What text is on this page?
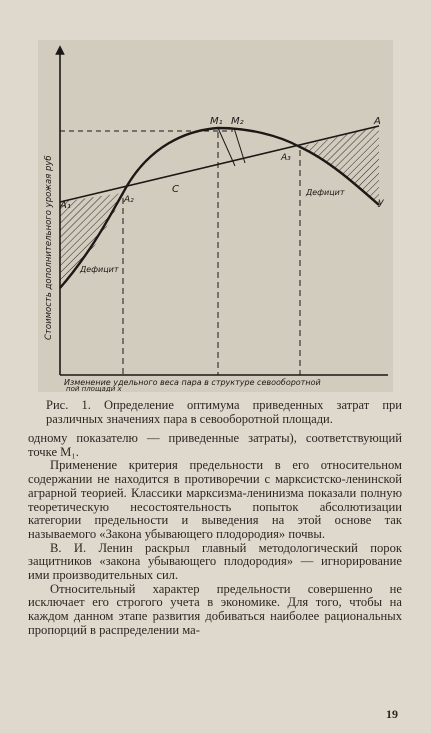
M₁ M₂	A
A₁	A₂
A₃
C
у
Дефицит
Дефицит
Стоимость дополнительного урожая руб
Изменение удельного веса пара в структуре севооборотной
пой площади х
Рис. 1. Определение оптимума приведенных затрат при различных значениях пара в севооборотной площади.

одному показателю — приведенные затраты), соответствующий точке М₁.

Применение критерия предельности в его относительном содержании не находится в противоречии с марксистско-ленинской аграрной теорией. Классики марксизма-ленинизма показали полную теоретическую несостоятельность попыток абсолютизации категории предельности и выведения на этой основе так называемого «Закона убывающего плодородия» почвы.

В. И. Ленин раскрыл главный методологический порок защитников «закона убывающего плодородия» — игнорирование ими производительных сил.

Относительный характер предельности совершенно не исключает его строгого учета в экономике. Для того, чтобы на каждом данном этапе развития добиваться наиболее рациональных пропорций в распределении ма-

19
